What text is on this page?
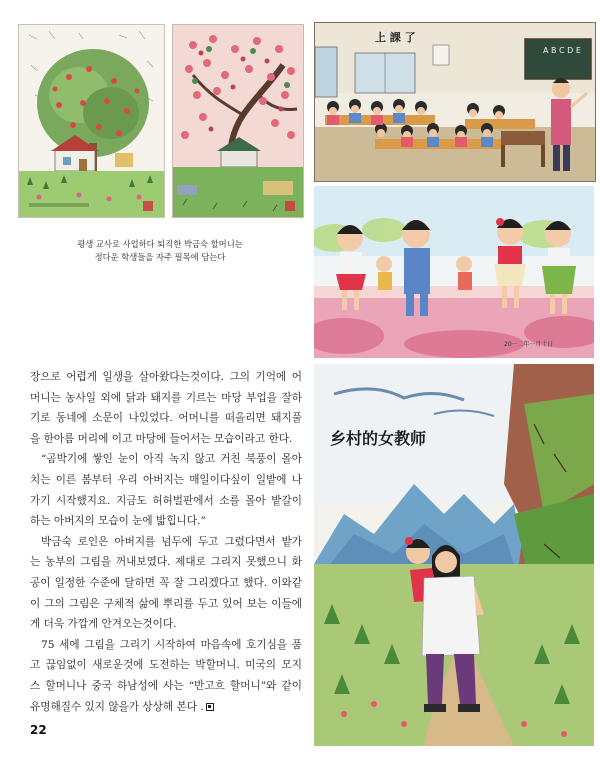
A B C D E
上 課 了
20ㅡ二年ㅡ月十日
乡村的女教师
평생 교사로 사업하다 퇴직한 박금숙 할머니는
정다운 학생들을 자주 필목에 담는다
장으로 어렵게 일생을 살아왔다는것이다. 그의 기억에 어
머니는 농사일 외에 닭과 돼지를 기르는 마당 부업을 잘하
기로 동네에 소문이 나있었다. 어머니를 떠올리면 돼지풀
을 한아름 머리에 이고 마당에 들어서는 모습이라고 한다.
“곰박기에 쌓인 눈이 아직 녹지 않고 거친 북풍이 몰아
치는 이른 봄부터 우리 아버지는 매일이다싶이 일밭에 나
가기 시작했지요. 지금도 허허벌판에서 소를 몰아 밭갈이
하는 아버지의 모습이 눈에 밟힙니다.”
박금숙 로인은 아버지를 넘두에 두고 그렸다면서 밭가
는 농부의 그림을 꺼내보였다. 제대로 그리지 못했으니 화
공이 일정한 수준에 달하면 꼭 잘 그리겠다고 했다. 이와같
이 그의 그림은 구체적 삶에 뿌리를 두고 있어 보는 이들에
게 더욱 가깝게 안겨오는것이다.
75 세에 그림을 그리기 시작하여 마음속에 호기심을 품
고 끊임없이 새로운것에 도전하는 박할머니. 미국의 모지
스 할머니나 중국 하남성에 사는 “반고흐 할머니”와 같이
유명해질수 있지 않을가 상상해 본다 .
22
